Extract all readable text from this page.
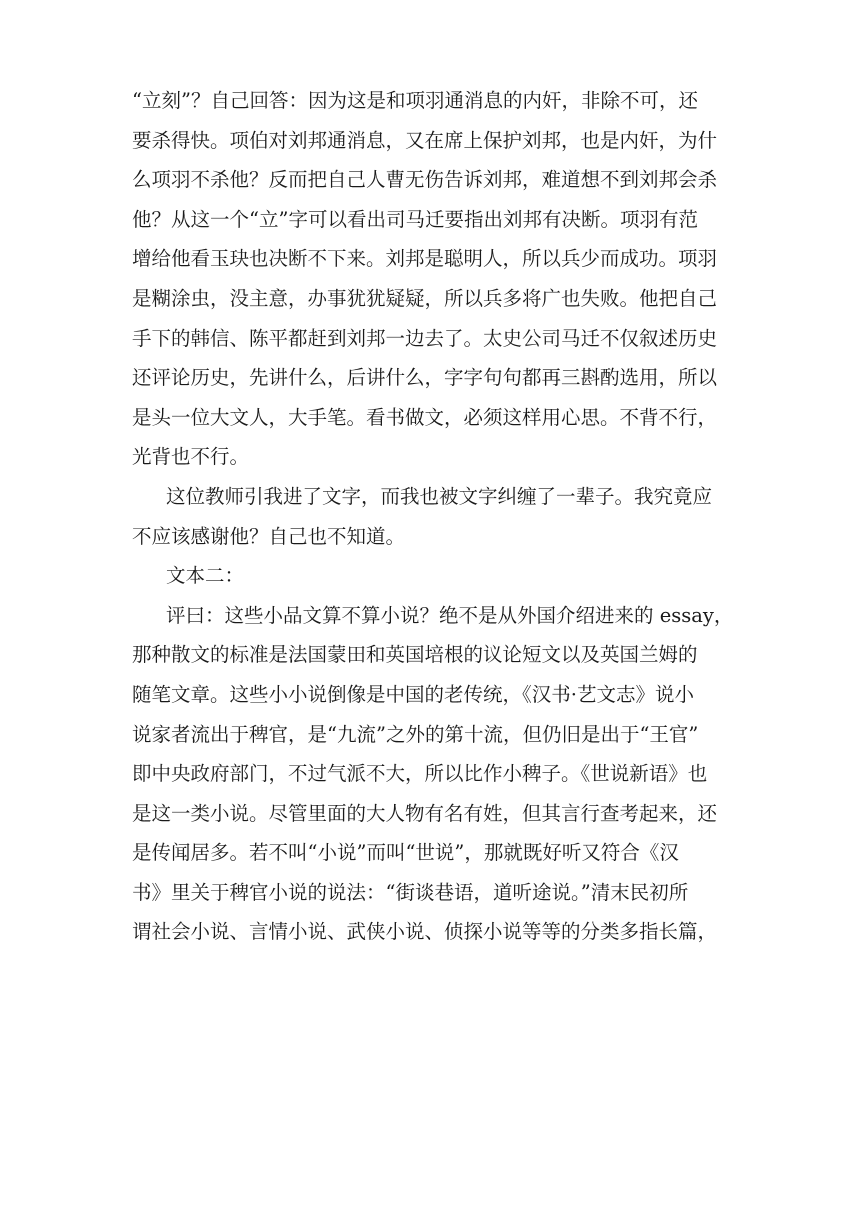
“立刻”？自己回答：因为这是和项羽通消息的内奸，非除不可，还
要杀得快。项伯对刘邦通消息，又在席上保护刘邦，也是内奸，为什
么项羽不杀他？反而把自己人曹无伤告诉刘邦，难道想不到刘邦会杀
他？从这一个“立”字可以看出司马迁要指出刘邦有决断。项羽有范
增给他看玉玦也决断不下来。刘邦是聪明人，所以兵少而成功。项羽
是糊涂虫，没主意，办事犹犹疑疑，所以兵多将广也失败。他把自己
手下的韩信、陈平都赶到刘邦一边去了。太史公司马迁不仅叙述历史
还评论历史，先讲什么，后讲什么，字字句句都再三斟酌选用，所以
是头一位大文人，大手笔。看书做文，必须这样用心思。不背不行，
光背也不行。
这位教师引我进了文字，而我也被文字纠缠了一辈子。我究竟应
不应该感谢他？自己也不知道。
文本二：
评曰：这些小品文算不算小说？绝不是从外国介绍进来的 essay，
那种散文的标准是法国蒙田和英国培根的议论短文以及英国兰姆的
随笔文章。这些小小说倒像是中国的老传统，《汉书·艺文志》说小
说家者流出于稗官，是“九流”之外的第十流，但仍旧是出于“王官”
即中央政府部门，不过气派不大，所以比作小稗子。《世说新语》也
是这一类小说。尽管里面的大人物有名有姓，但其言行查考起来，还
是传闻居多。若不叫“小说”而叫“世说”，那就既好听又符合《汉
书》里关于稗官小说的说法：“街谈巷语，道听途说。”清末民初所
谓社会小说、言情小说、武侠小说、侦探小说等等的分类多指长篇，
